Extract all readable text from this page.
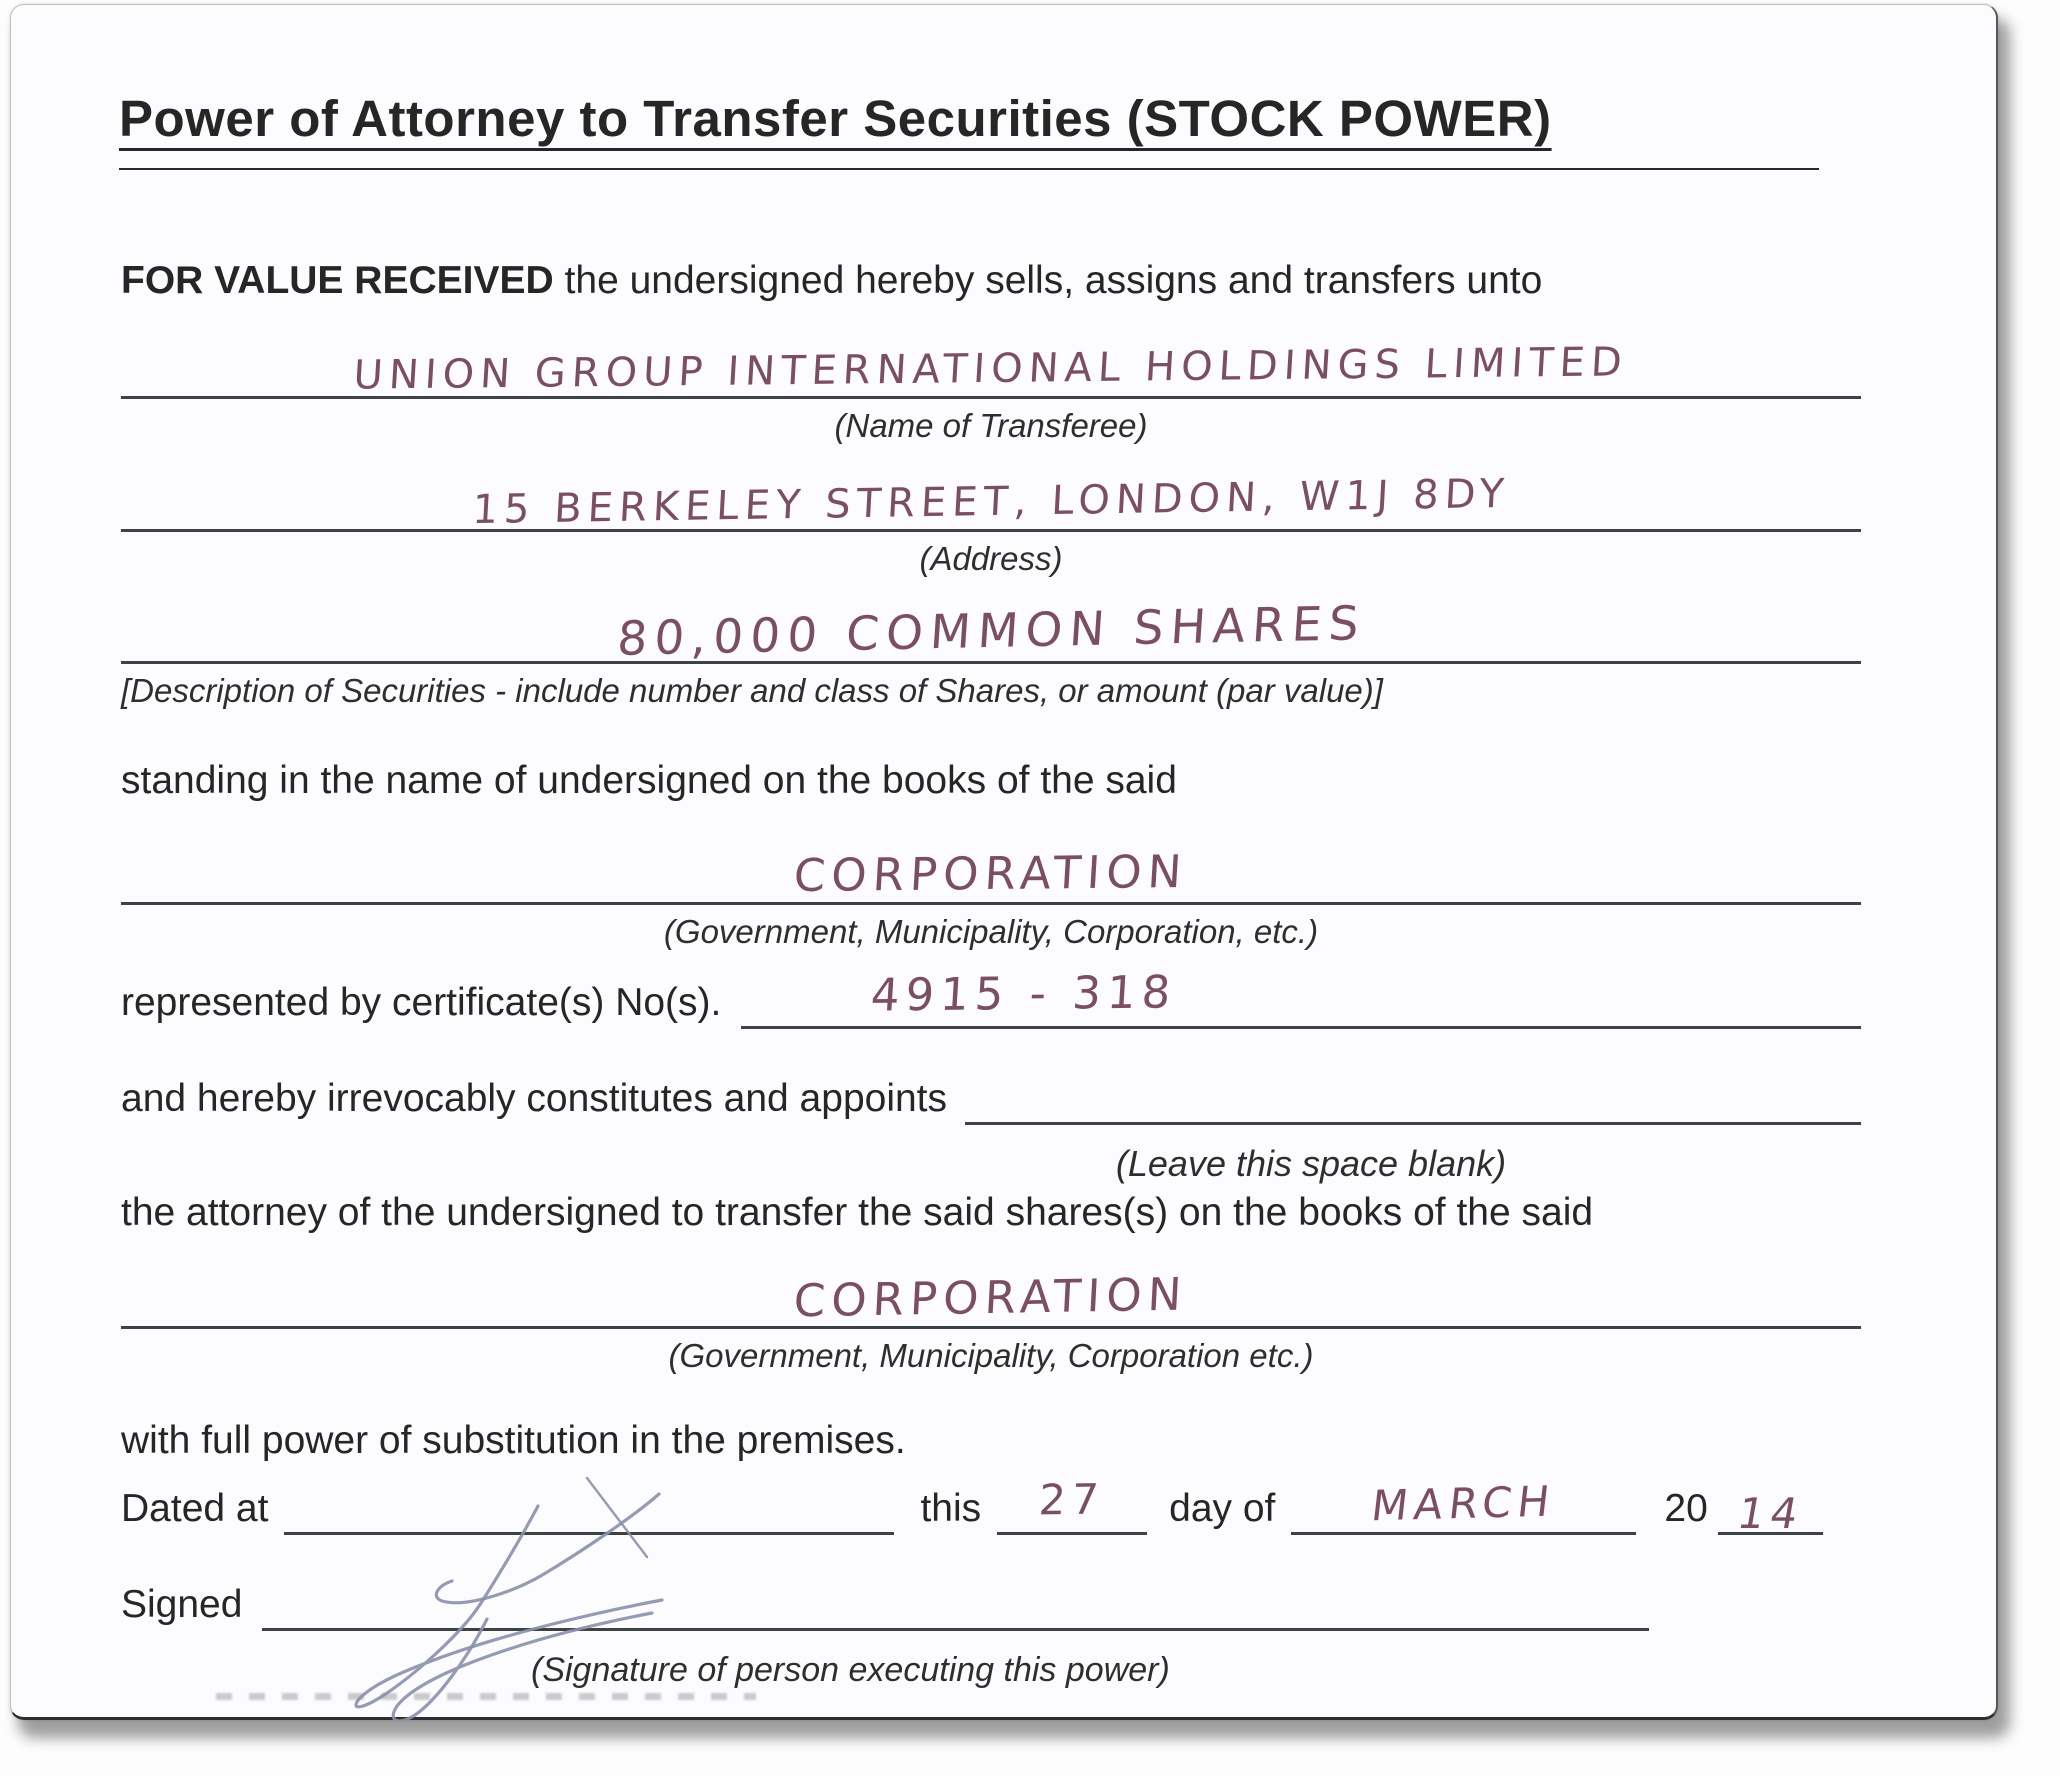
Power of Attorney to Transfer Securities (STOCK POWER)

FOR VALUE RECEIVED the undersigned hereby sells, assigns and transfers unto

UNION GROUP INTERNATIONAL HOLDINGS LIMITED
(Name of Transferee)
15 BERKELEY STREET, LONDON, W1J 8DY
(Address)
80,000 COMMON SHARES
[Description of Securities - include number and class of Shares, or amount (par value)]

standing in the name of undersigned on the books of the said

CORPORATION
(Government, Municipality, Corporation, etc.)
represented by certificate(s) No(s).	4915 - 318
and hereby irrevocably constitutes and appoints
(Leave this space blank)

the attorney of the undersigned to transfer the said shares(s) on the books of the said

CORPORATION
(Government, Municipality, Corporation etc.)

with full power of substitution in the premises.

Dated at	this 27 day of MARCH	20 14
Signed
(Signature of person executing this power)
